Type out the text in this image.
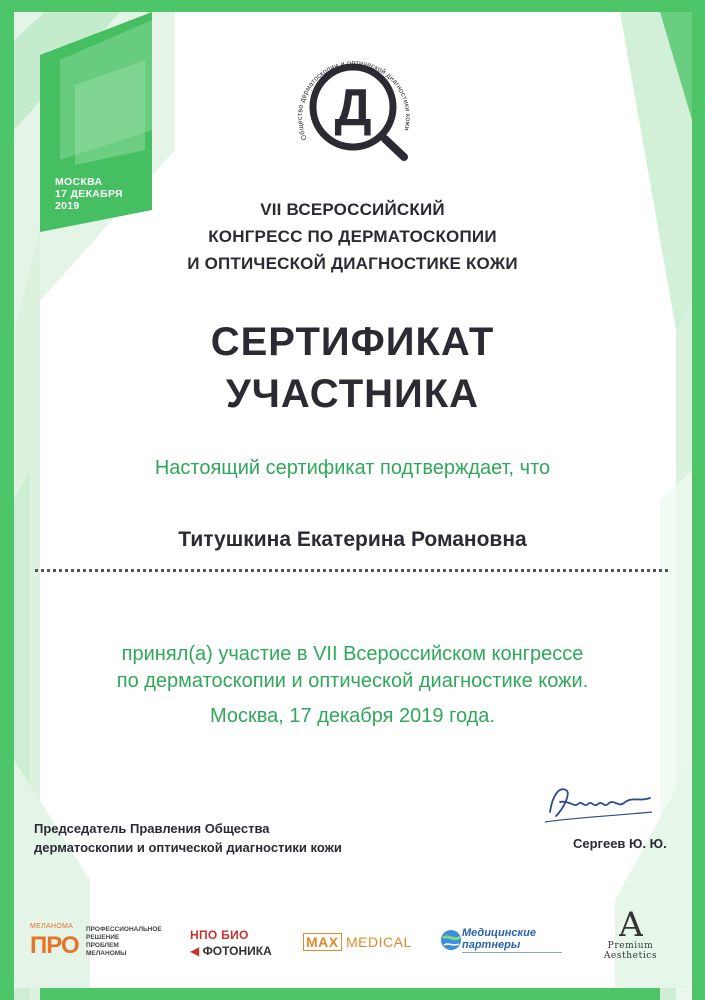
МОСКВА
17 ДЕКАБРЯ
2019
Общество дерматоскопии и оптической диагностики кожи
Д
VII ВСЕРОССИЙСКИЙ
КОНГРЕСС ПО ДЕРМАТОСКОПИИ
И ОПТИЧЕСКОЙ ДИАГНОСТИКЕ КОЖИ
СЕРТИФИКАТ
УЧАСТНИКА
Настоящий сертификат подтверждает, что
Титушкина Екатерина Романовна
принял(а) участие в VII Всероссийском конгрессе
по дерматоскопии и оптической диагностике кожи.
Москва, 17 декабря 2019 года.
Председатель Правления Общества
дерматоскопии и оптической диагностики кожи	Сергеев Ю. Ю.
МЕЛАНОМА
ПРО
ПРОФЕССИОНАЛЬНОЕ
РЕШЕНИЕ
ПРОБЛЕМ
МЕЛАНОМЫ
НПО БИО
◀ ФОТОНИКА
MAX MEDICAL
Медицинские
партнеры	A
Premium Aesthetics
